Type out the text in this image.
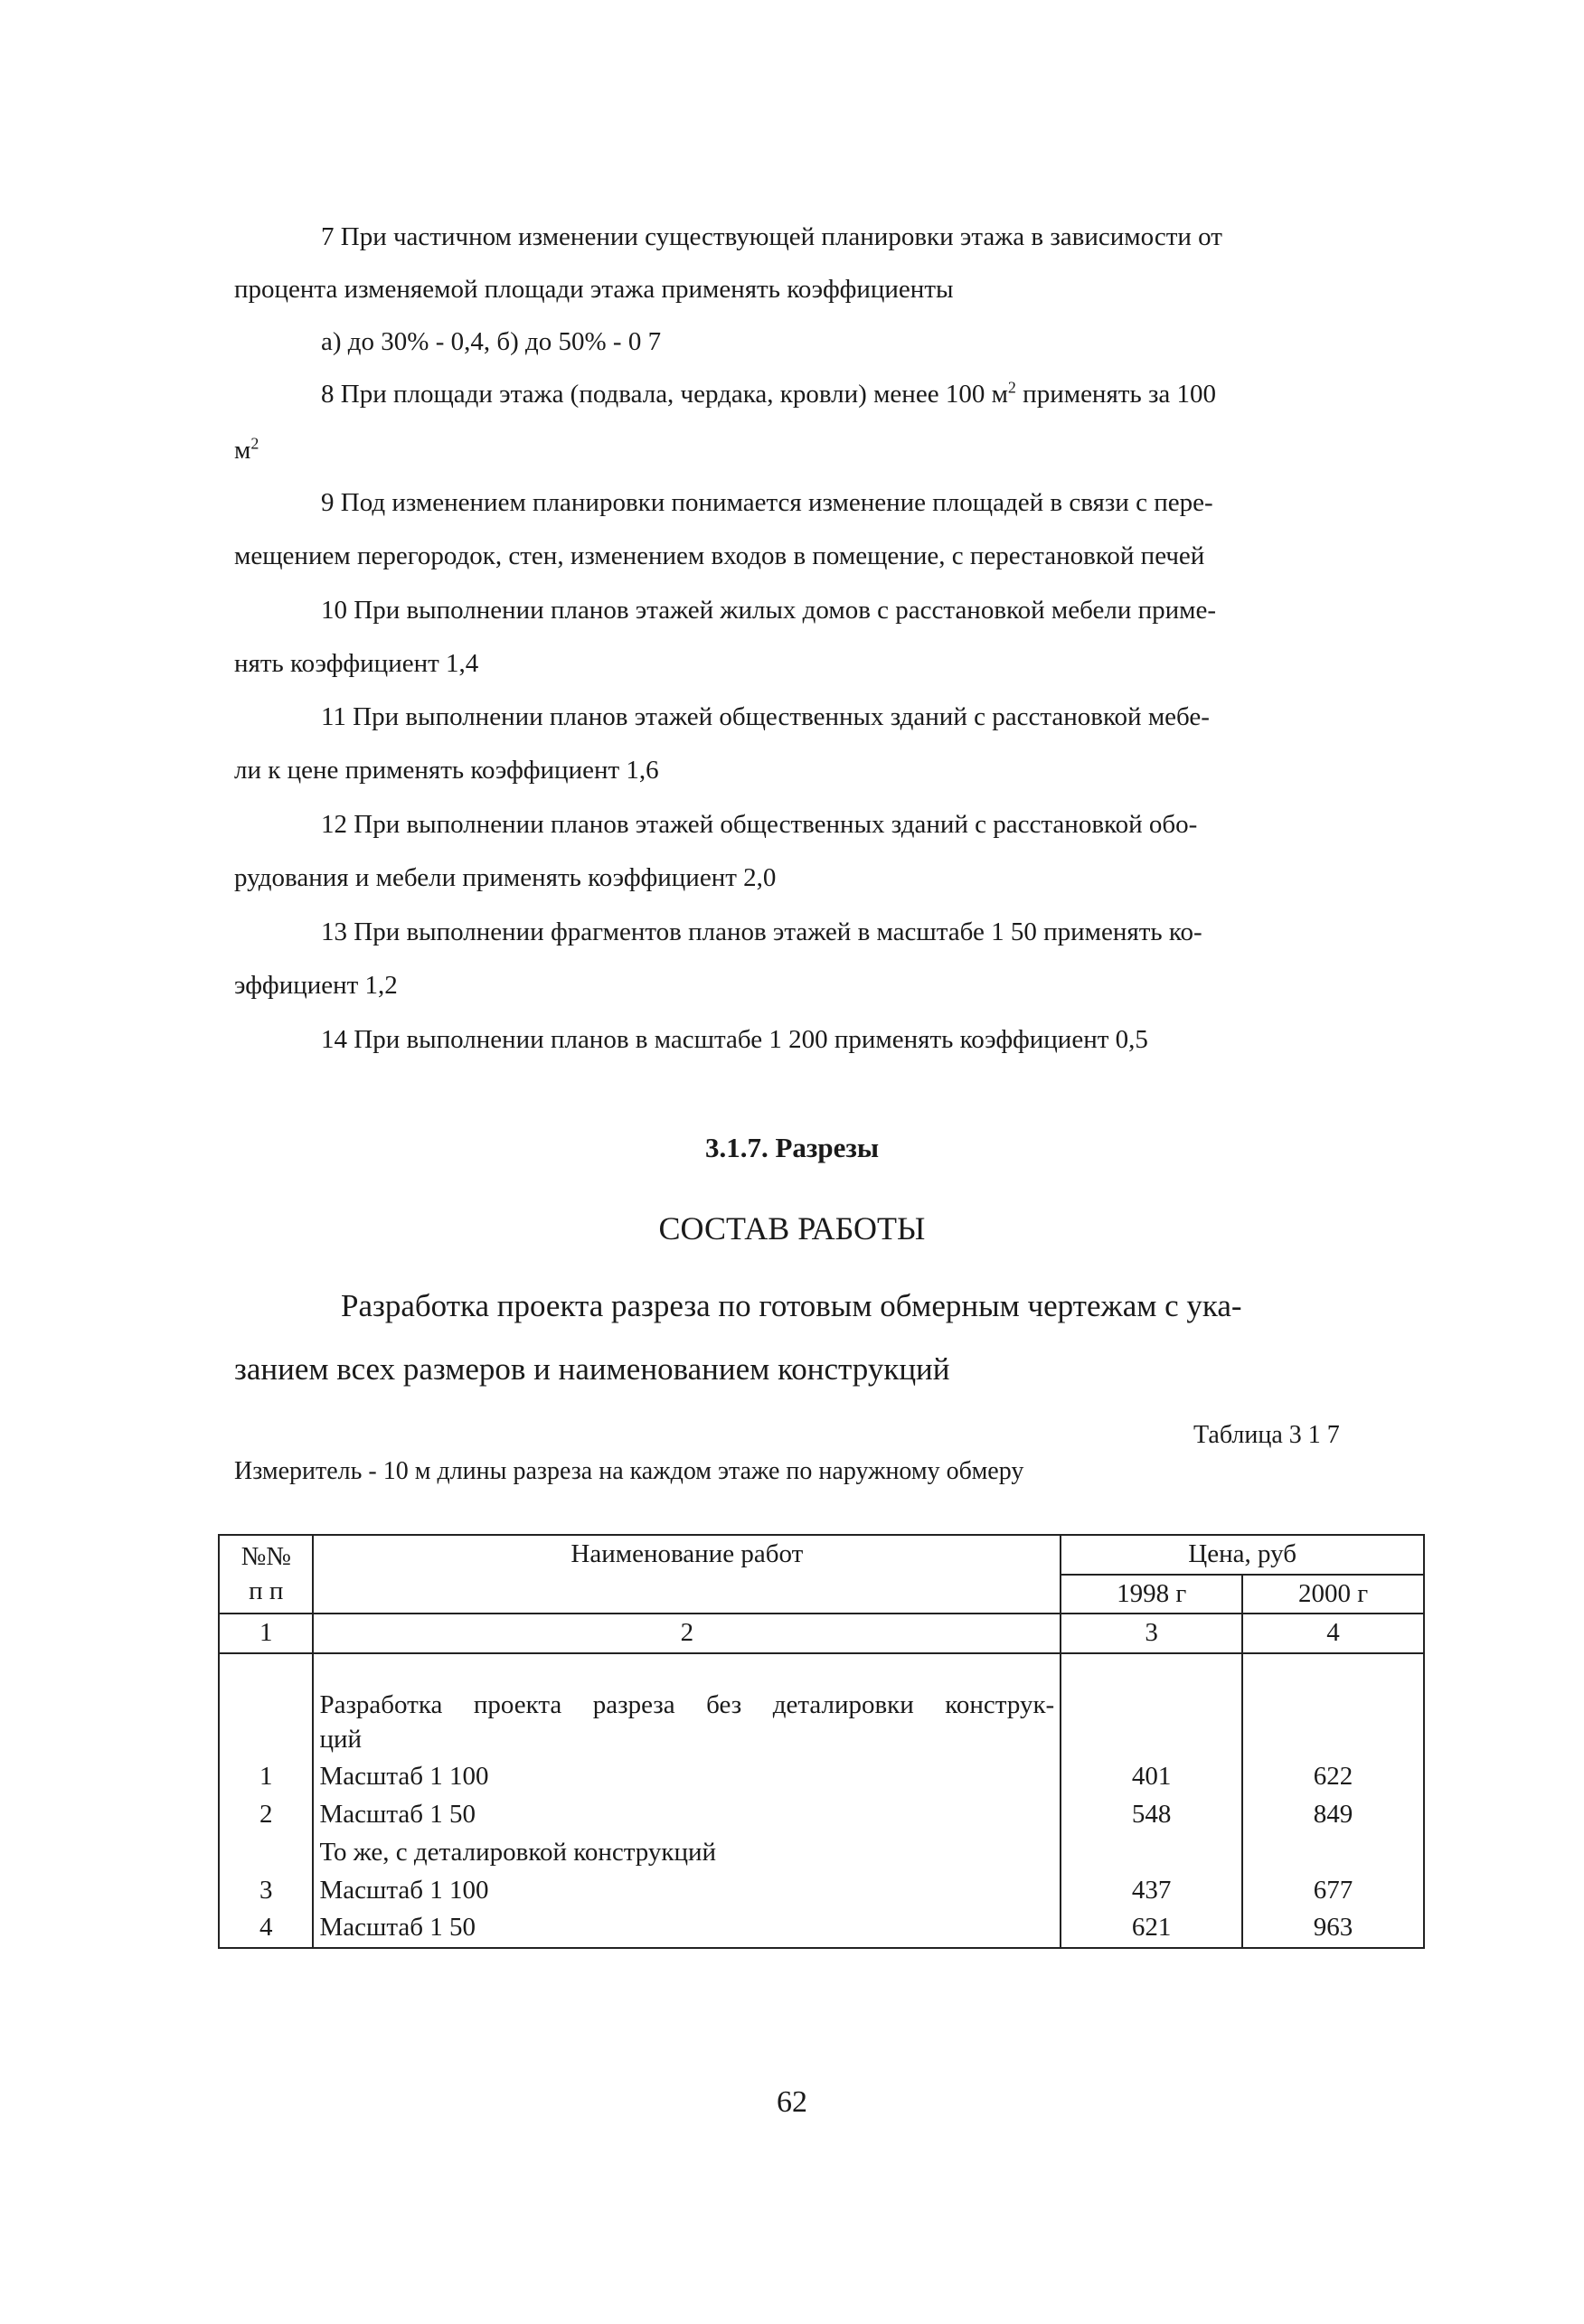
7 При частичном изменении существующей планировки этажа в зависимости от
процента изменяемой площади этажа применять коэффициенты
а) до 30% - 0,4, б) до 50% - 0 7
8 При площади этажа (подвала, чердака, кровли) менее 100 $м^2$ применять за 100
$м^2$
9 Под изменением планировки понимается изменение площадей в связи с пере-
мещением перегородок, стен, изменением входов в помещение, с перестановкой печей
10 При выполнении планов этажей жилых домов с расстановкой мебели приме-
нять коэффициент 1,4
11 При выполнении планов этажей общественных зданий с расстановкой мебе-
ли к цене применять коэффициент 1,6
12 При выполнении планов этажей общественных зданий с расстановкой обо-
рудования и мебели применять коэффициент 2,0
13 При выполнении фрагментов планов этажей в масштабе 1 50 применять ко-
эффициент 1,2
14 При выполнении планов в масштабе 1 200 применять коэффициент 0,5
3.1.7. Разрезы
СОСТАВ РАБОТЫ
Разработка проекта разреза по готовым обмерным чертежам с ука-
занием всех размеров и наименованием конструкций
Таблица 3 1 7
Измеритель - 10 м длины разреза на каждом этаже по наружному обмеру
№№
п п	Наименование работ	Цена, руб	
		1998 г	2000 г
1	2	3	4

	Разработка проекта разреза без деталировки конструк-
ций		

1	Масштаб 1 100	401	622
2	Масштаб 1 50	548	849
	То же, с деталировкой конструкций		
3	Масштаб 1 100	437	677
4	Масштаб 1 50	621	963
62
